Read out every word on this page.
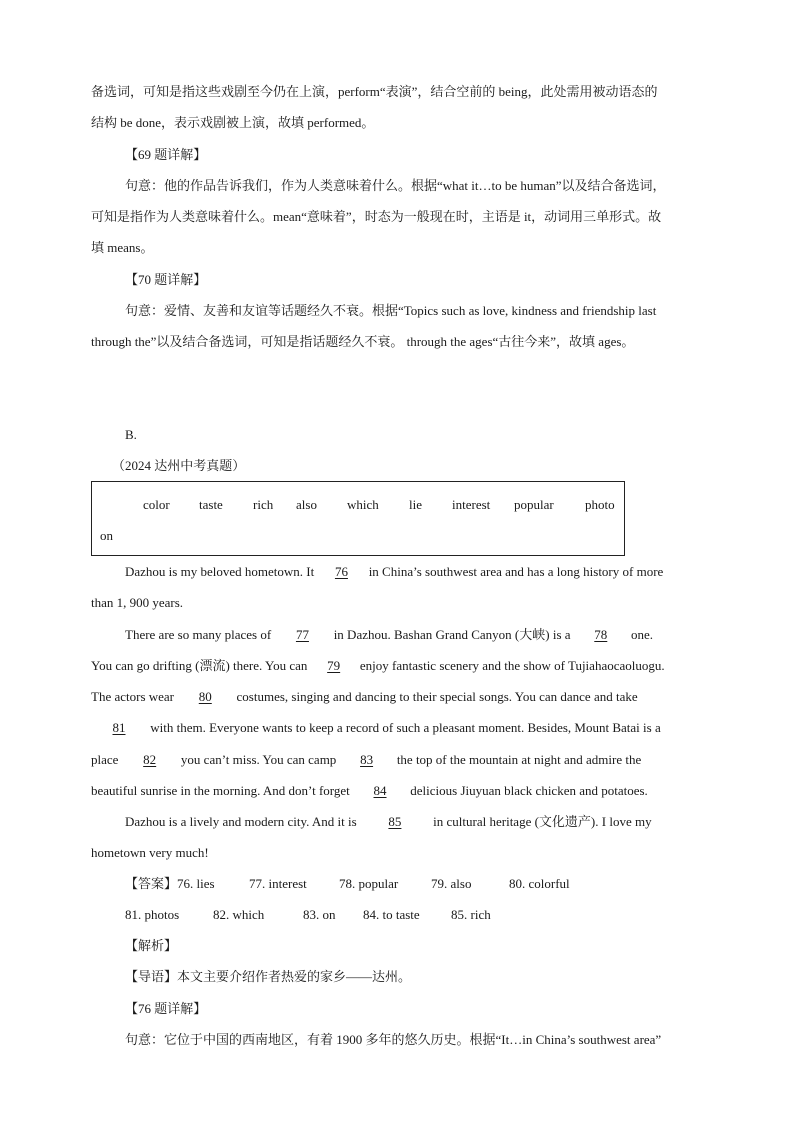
备选词，可知是指这些戏剧至今仍在上演，perform“表演”，结合空前的 being，此处需用被动语态的
结构 be done，表示戏剧被上演，故填 performed。
【69 题详解】
句意：他的作品告诉我们，作为人类意味着什么。根据“what it…to be human”以及结合备选词，
可知是指作为人类意味着什么。mean“意味着”，时态为一般现在时，主语是 it，动词用三单形式。故
填 means。
【70 题详解】
句意：爱情、友善和友谊等话题经久不衰。根据“Topics such as love, kindness and friendship last
through the”以及结合备选词，可知是指话题经久不衰。 through the ages“古往今来”，故填 ages。
B.
（2024 达州中考真题）
color taste rich also which lie interest popular photo
on
Dazhou is my beloved hometown. It 76 in China’s southwest area and has a long history of more
than 1, 900 years.
There are so many places of 77 in Dazhou. Bashan Grand Canyon (大峡) is a 78 one.
You can go drifting (漂流) there. You can 79 enjoy fantastic scenery and the show of Tujiahaocaoluogu.
The actors wear 80 costumes, singing and dancing to their special songs. You can dance and take
81 with them. Everyone wants to keep a record of such a pleasant moment. Besides, Mount Batai is a
place 82 you can’t miss. You can camp 83 the top of the mountain at night and admire the
beautiful sunrise in the morning. And don’t forget 84 delicious Jiuyuan black chicken and potatoes.
Dazhou is a lively and modern city. And it is 85 in cultural heritage (文化遗产). I love my
hometown very much!
【答案】76. lies	77. interest 78. popular	79. also	80. colorful
81. photos	82. which	83. on 84. to taste 85. rich
【解析】
【导语】本文主要介绍作者热爱的家乡——达州。
【76 题详解】
句意：它位于中国的西南地区，有着 1900 多年的悠久历史。根据“It…in China’s southwest area”
